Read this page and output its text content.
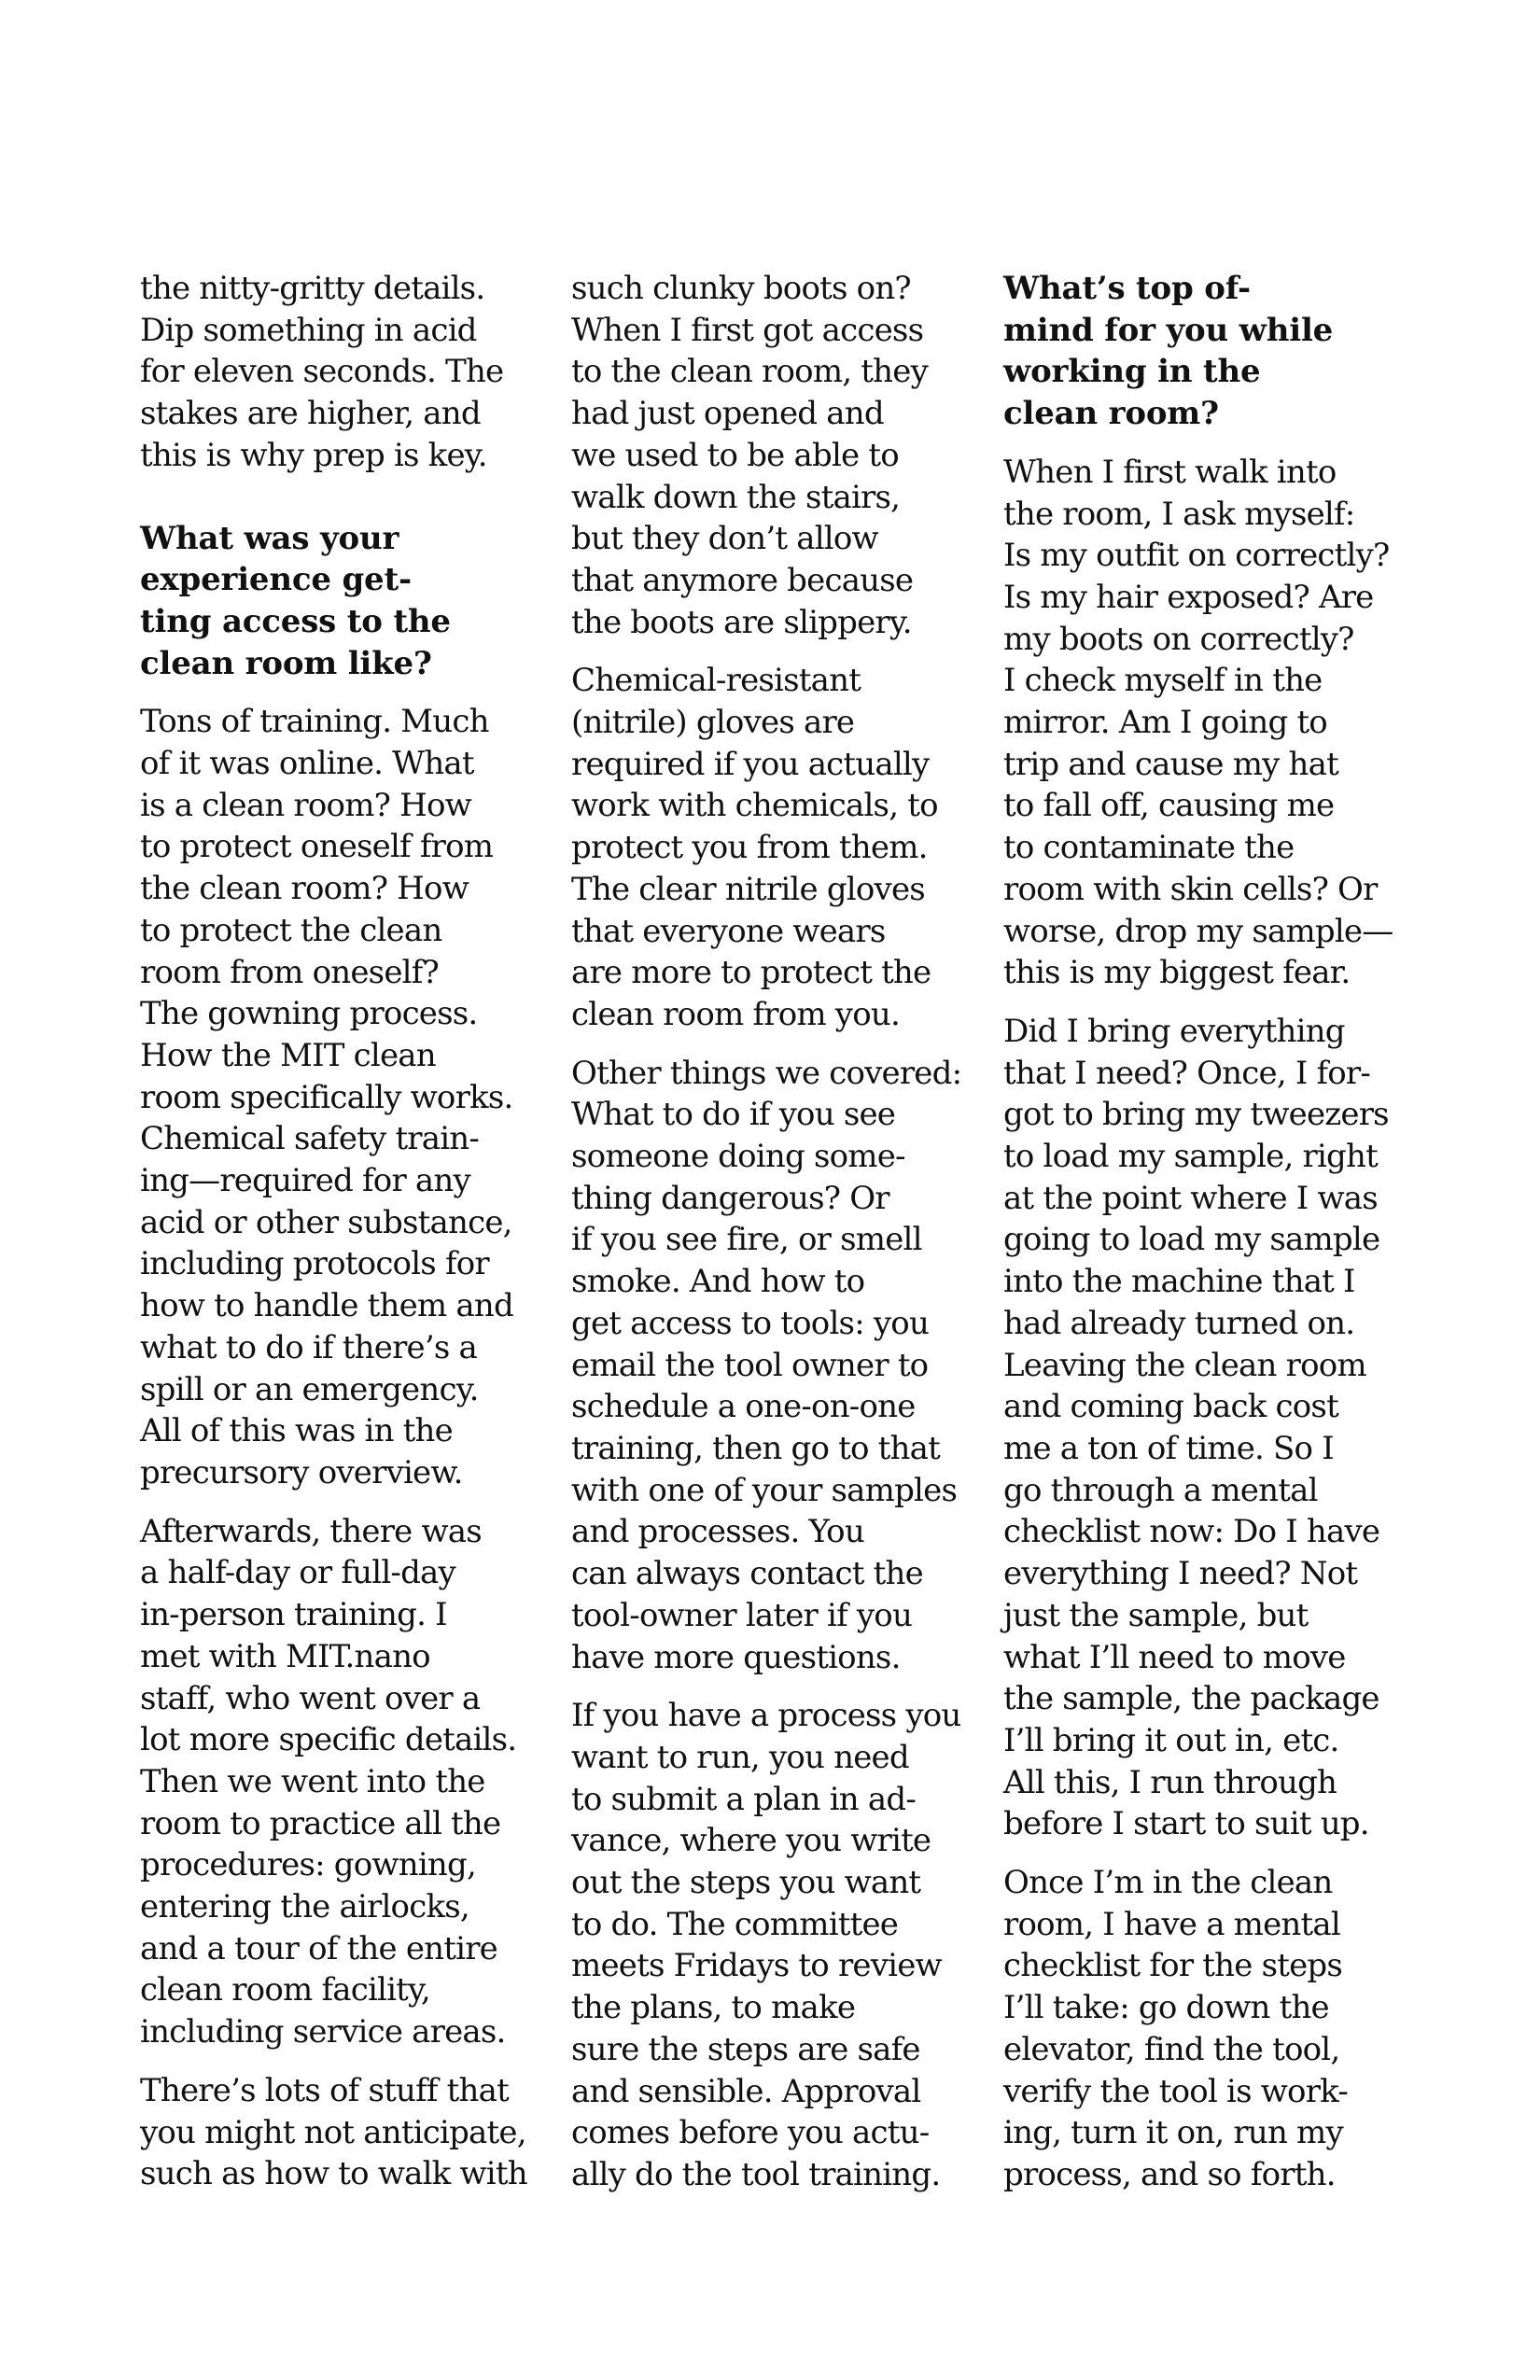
the nitty-gritty details.
Dip something in acid
for eleven seconds. The
stakes are higher, and
this is why prep is key.
What was your
experience get-
ting access to the
clean room like?
Tons of training. Much
of it was online. What
is a clean room? How
to protect oneself from
the clean room? How
to protect the clean
room from oneself?
The gowning process.
How the MIT clean
room specifically works.
Chemical safety train-
ing—required for any
acid or other substance,
including protocols for
how to handle them and
what to do if there’s a
spill or an emergency.
All of this was in the
precursory overview.
Afterwards, there was
a half-day or full-day
in-person training. I
met with MIT.nano
staff, who went over a
lot more specific details.
Then we went into the
room to practice all the
procedures: gowning,
entering the airlocks,
and a tour of the entire
clean room facility,
including service areas.
There’s lots of stuff that
you might not anticipate,
such as how to walk with
such clunky boots on?
When I first got access
to the clean room, they
had just opened and
we used to be able to
walk down the stairs,
but they don’t allow
that anymore because
the boots are slippery.
Chemical-resistant
(nitrile) gloves are
required if you actually
work with chemicals, to
protect you from them.
The clear nitrile gloves
that everyone wears
are more to protect the
clean room from you.
Other things we covered:
What to do if you see
someone doing some-
thing dangerous? Or
if you see fire, or smell
smoke. And how to
get access to tools: you
email the tool owner to
schedule a one-on-one
training, then go to that
with one of your samples
and processes. You
can always contact the
tool-owner later if you
have more questions.
If you have a process you
want to run, you need
to submit a plan in ad-
vance, where you write
out the steps you want
to do. The committee
meets Fridays to review
the plans, to make
sure the steps are safe
and sensible. Approval
comes before you actu-
ally do the tool training.
What’s top of-
mind for you while
working in the
clean room?
When I first walk into
the room, I ask myself:
Is my outfit on correctly?
Is my hair exposed? Are
my boots on correctly?
I check myself in the
mirror. Am I going to
trip and cause my hat
to fall off, causing me
to contaminate the
room with skin cells? Or
worse, drop my sample—
this is my biggest fear.
Did I bring everything
that I need? Once, I for-
got to bring my tweezers
to load my sample, right
at the point where I was
going to load my sample
into the machine that I
had already turned on.
Leaving the clean room
and coming back cost
me a ton of time. So I
go through a mental
checklist now: Do I have
everything I need? Not
just the sample, but
what I’ll need to move
the sample, the package
I’ll bring it out in, etc.
All this, I run through
before I start to suit up.
Once I’m in the clean
room, I have a mental
checklist for the steps
I’ll take: go down the
elevator, find the tool,
verify the tool is work-
ing, turn it on, run my
process, and so forth.
